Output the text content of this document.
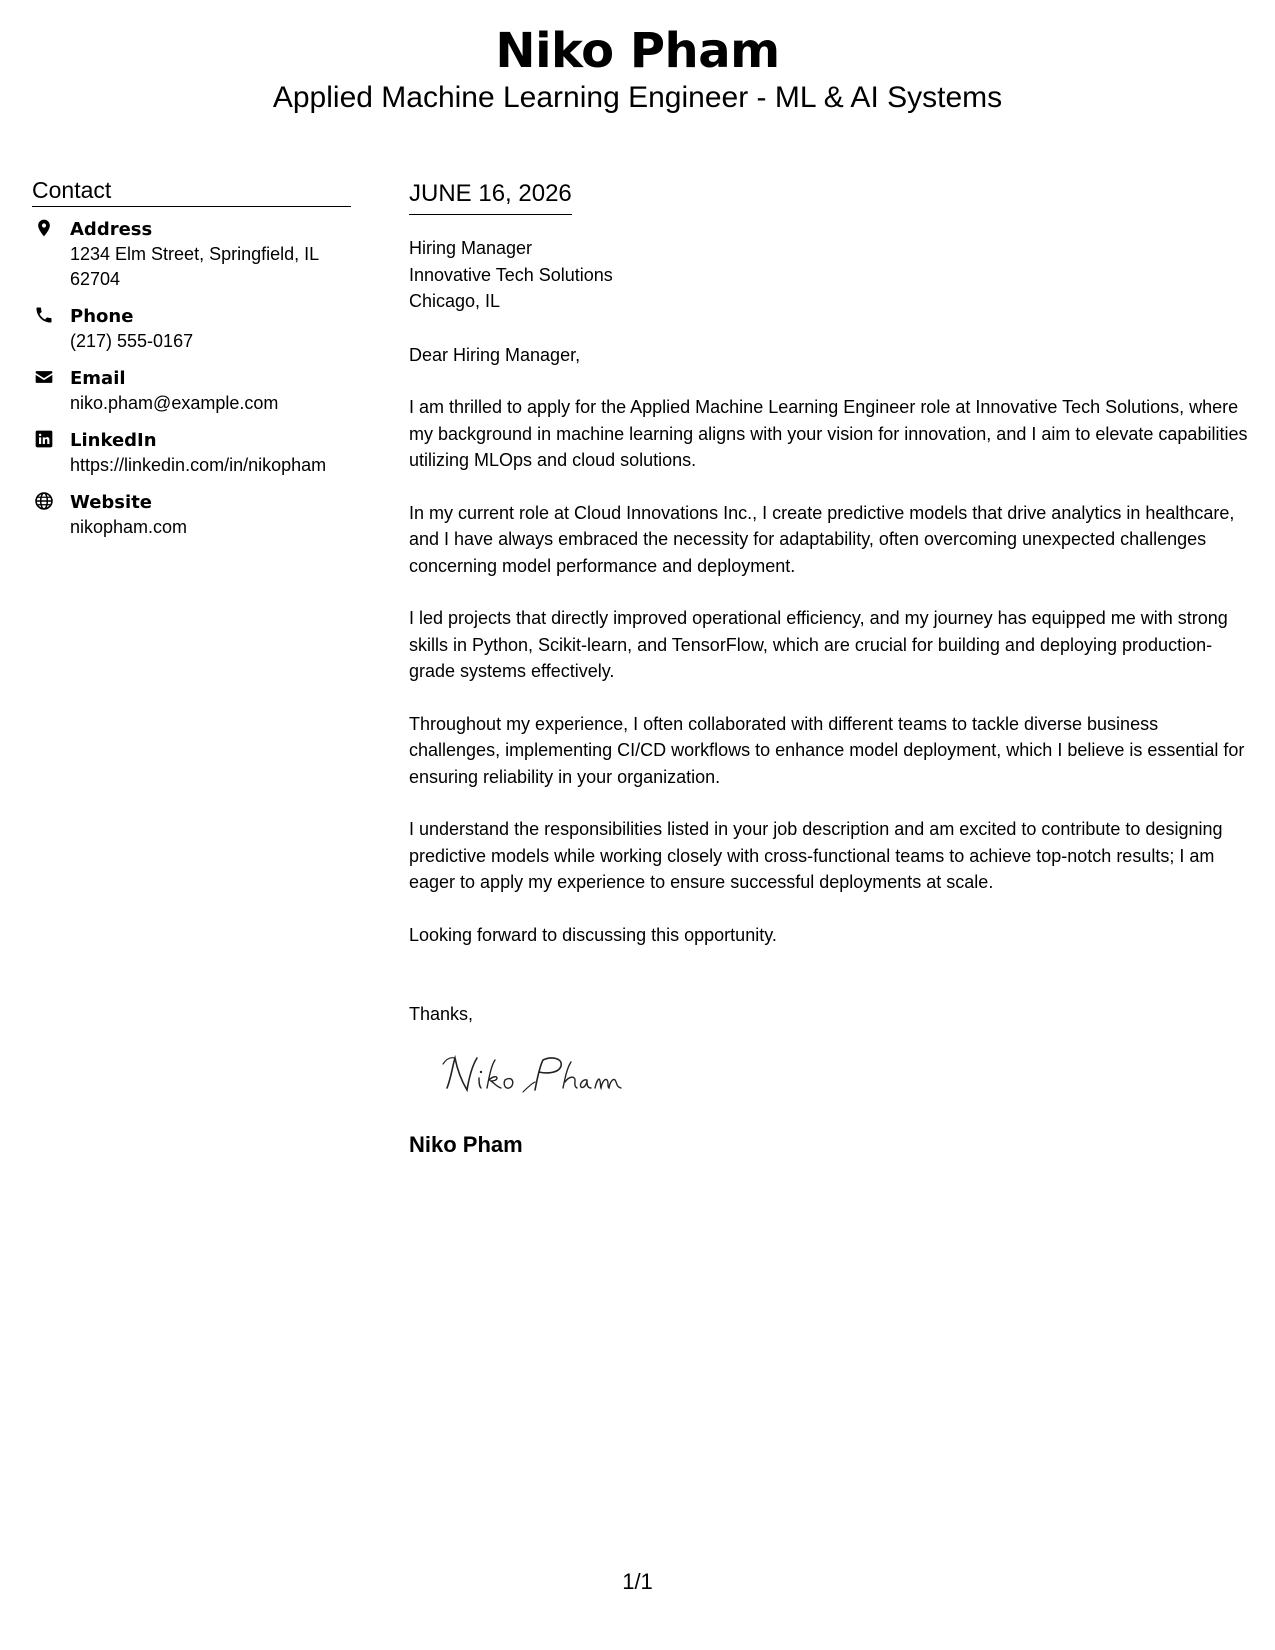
Niko Pham
Applied Machine Learning Engineer - ML & AI Systems
Contact
Address
1234 Elm Street, Springfield, IL 62704
Phone
(217) 555-0167
Email
niko.pham@example.com
LinkedIn
https://linkedin.com/in/nikopham
Website
nikopham.com
JUNE 16, 2026
Hiring Manager
Innovative Tech Solutions
Chicago, IL
Dear Hiring Manager,
I am thrilled to apply for the Applied Machine Learning Engineer role at Innovative Tech Solutions, where my background in machine learning aligns with your vision for innovation, and I aim to elevate capabilities utilizing MLOps and cloud solutions.
In my current role at Cloud Innovations Inc., I create predictive models that drive analytics in healthcare, and I have always embraced the necessity for adaptability, often overcoming unexpected challenges concerning model performance and deployment.
I led projects that directly improved operational efficiency, and my journey has equipped me with strong skills in Python, Scikit-learn, and TensorFlow, which are crucial for building and deploying production-grade systems effectively.
Throughout my experience, I often collaborated with different teams to tackle diverse business challenges, implementing CI/CD workflows to enhance model deployment, which I believe is essential for ensuring reliability in your organization.
I understand the responsibilities listed in your job description and am excited to contribute to designing predictive models while working closely with cross-functional teams to achieve top-notch results; I am eager to apply my experience to ensure successful deployments at scale.
Looking forward to discussing this opportunity.
Thanks,
Niko Pham
1/1
